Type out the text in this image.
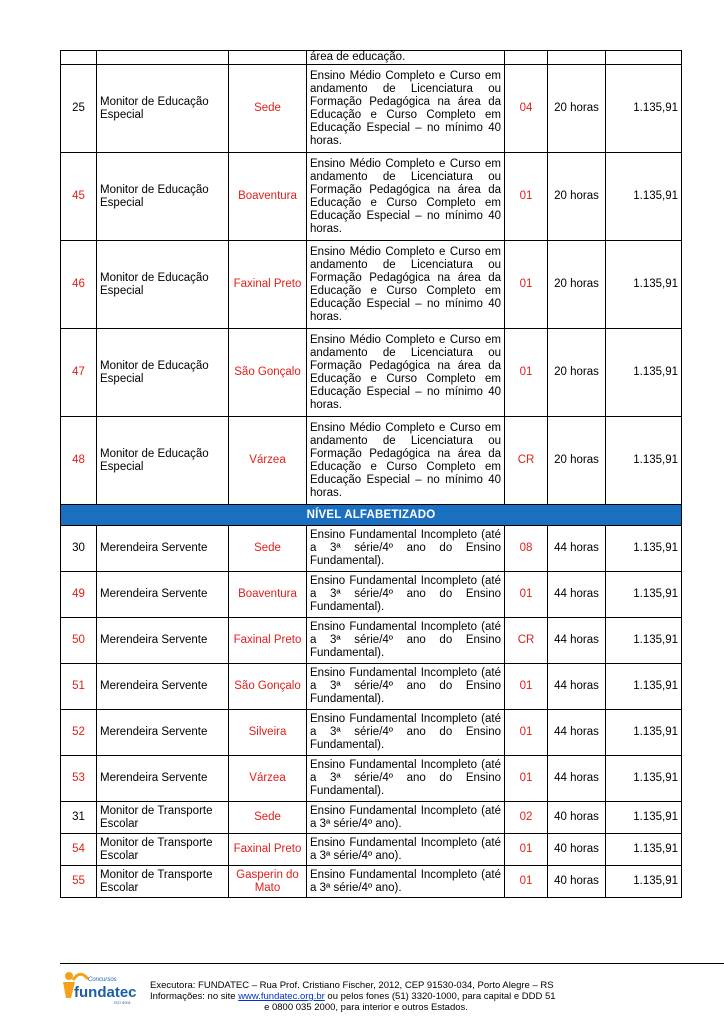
			área de educação.			
25	Monitor de Educação Especial	Sede	Ensino Médio Completo e Curso em andamento de Licenciatura ou Formação Pedagógica na área da Educação e Curso Completo em Educação Especial – no mínimo 40 horas.	04	20 horas	1.135,91
45	Monitor de Educação Especial	Boaventura	Ensino Médio Completo e Curso em andamento de Licenciatura ou Formação Pedagógica na área da Educação e Curso Completo em Educação Especial – no mínimo 40 horas.	01	20 horas	1.135,91
46	Monitor de Educação Especial	Faxinal Preto	Ensino Médio Completo e Curso em andamento de Licenciatura ou Formação Pedagógica na área da Educação e Curso Completo em Educação Especial – no mínimo 40 horas.	01	20 horas	1.135,91
47	Monitor de Educação Especial	São Gonçalo	Ensino Médio Completo e Curso em andamento de Licenciatura ou Formação Pedagógica na área da Educação e Curso Completo em Educação Especial – no mínimo 40 horas.	01	20 horas	1.135,91
48	Monitor de Educação Especial	Várzea	Ensino Médio Completo e Curso em andamento de Licenciatura ou Formação Pedagógica na área da Educação e Curso Completo em Educação Especial – no mínimo 40 horas.	CR	20 horas	1.135,91
NÍVEL ALFABETIZADO						
30	Merendeira Servente	Sede	Ensino Fundamental Incompleto (até a 3ª série/4º ano do Ensino Fundamental).	08	44 horas	1.135,91
49	Merendeira Servente	Boaventura	Ensino Fundamental Incompleto (até a 3ª série/4º ano do Ensino Fundamental).	01	44 horas	1.135,91
50	Merendeira Servente	Faxinal Preto	Ensino Fundamental Incompleto (até a 3ª série/4º ano do Ensino Fundamental).	CR	44 horas	1.135,91
51	Merendeira Servente	São Gonçalo	Ensino Fundamental Incompleto (até a 3ª série/4º ano do Ensino Fundamental).	01	44 horas	1.135,91
52	Merendeira Servente	Silveira	Ensino Fundamental Incompleto (até a 3ª série/4º ano do Ensino Fundamental).	01	44 horas	1.135,91
53	Merendeira Servente	Várzea	Ensino Fundamental Incompleto (até a 3ª série/4º ano do Ensino Fundamental).	01	44 horas	1.135,91
31	Monitor de Transporte Escolar	Sede	Ensino Fundamental Incompleto (até a 3ª série/4º ano).	02	40 horas	1.135,91
54	Monitor de Transporte Escolar	Faxinal Preto	Ensino Fundamental Incompleto (até a 3ª série/4º ano).	01	40 horas	1.135,91
55	Monitor de Transporte Escolar	Gasperin do Mato	Ensino Fundamental Incompleto (até a 3ª série/4º ano).	01	40 horas	1.135,91
Concursos
fundatec
ISO 9001
Executora: FUNDATEC – Rua Prof. Cristiano Fischer, 2012, CEP 91530-034, Porto Alegre – RS
Informações: no site www.fundatec.org.br ou pelos fones (51) 3320-1000, para capital e DDD 51
e 0800 035 2000, para interior e outros Estados.
